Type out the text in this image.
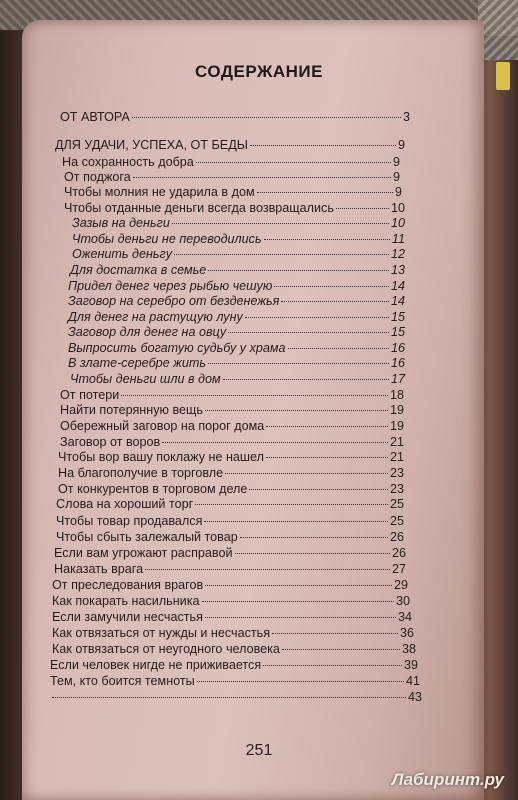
СОДЕРЖАНИЕ
ОТ АВТОРА	3
ДЛЯ УДАЧИ, УСПЕХА, ОТ БЕДЫ	9
На сохранность добра	9
От поджога	9
Чтобы молния не ударила в дом	9
Чтобы отданные деньги всегда возвращались	10
Зазыв на деньги	10
Чтобы деньги не переводились	11
Оженить деньгу	12
Для достатка в семье	13
Придел денег через рыбью чешую	14
Заговор на серебро от безденежья	14
Для денег на растущую луну	15
Заговор для денег на овцу	15
Выпросить богатую судьбу у храма	16
В злате-серебре жить	16
Чтобы деньги шли в дом	17
От потери	18
Найти потерянную вещь	19
Обережный заговор на порог дома	19
Заговор от воров	21
Чтобы вор вашу поклажу не нашел	21
На благополучие в торговле	23
От конкурентов в торговом деле	23
Слова на хороший торг	25
Чтобы товар продавался	25
Чтобы сбыть залежалый товар	26
Если вам угрожают расправой	26
Наказать врага	27
От преследования врагов	29
Как покарать насильника	30
Если замучили несчастья	34
Как отвязаться от нужды и несчастья	36
Как отвязаться от неугодного человека	38
Если человек нигде не приживается	39
Тем, кто боится темноты	41
43
251
Лабиринт.ру
